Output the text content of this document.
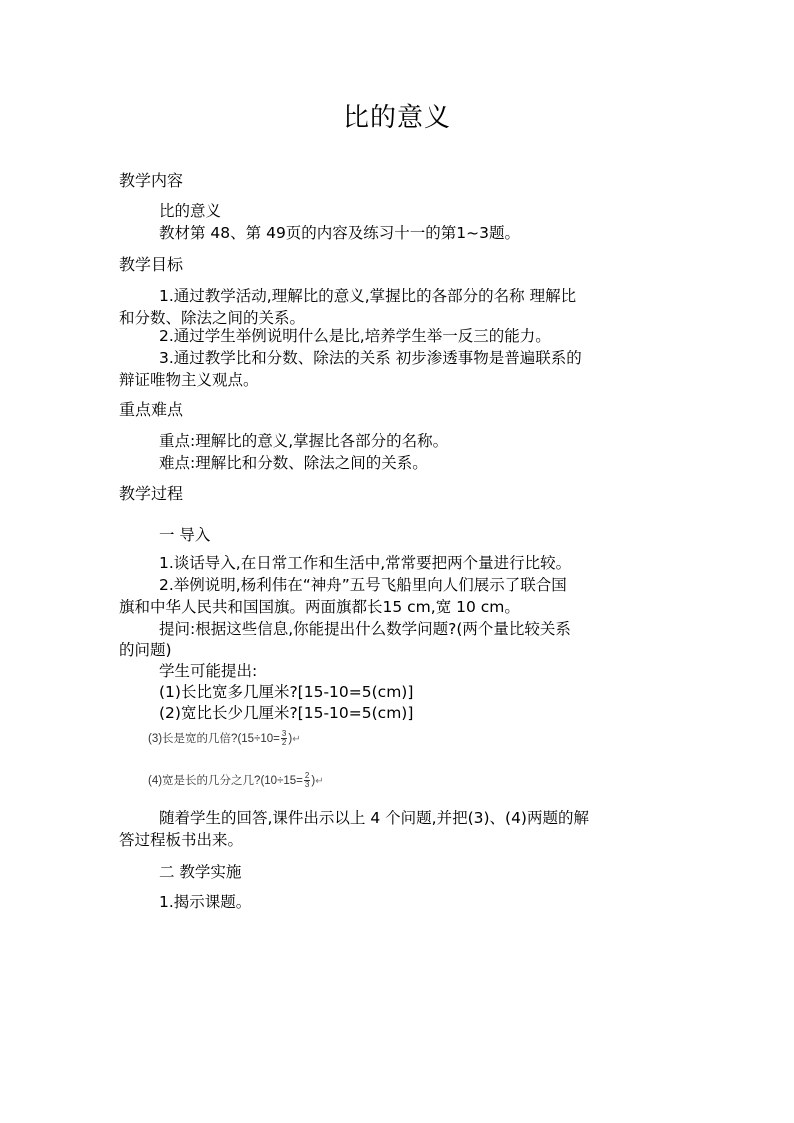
比的意义
教学内容
比的意义
教材第 48、第 49页的内容及练习十一的第1~3题。
教学目标
1.通过教学活动,理解比的意义,掌握比的各部分的名称 理解比
和分数、除法之间的关系。
2.通过学生举例说明什么是比,培养学生举一反三的能力。
3.通过教学比和分数、除法的关系 初步渗透事物是普遍联系的
辩证唯物主义观点。
重点难点
重点:理解比的意义,掌握比各部分的名称。
难点:理解比和分数、除法之间的关系。
教学过程
一 导入
1.谈话导入,在日常工作和生活中,常常要把两个量进行比较。
2.举例说明,杨利伟在“神舟”五号飞船里向人们展示了联合国
旗和中华人民共和国国旗。两面旗都长15 cm,宽 10 cm。
提问:根据这些信息,你能提出什么数学问题?(两个量比较关系
的问题)
学生可能提出:
(1)长比宽多几厘米?[15-10=5(cm)]
(2)宽比长少几厘米?[15-10=5(cm)]
(3)长是宽的几倍?(15÷10= $\frac{3}{2}$ )↵
(4)宽是长的几分之几?(10÷15= $\frac{2}{3}$ )↵
随着学生的回答,课件出示以上 4 个问题,并把(3)、(4)两题的解
答过程板书出来。
二 教学实施
1.揭示课题。
